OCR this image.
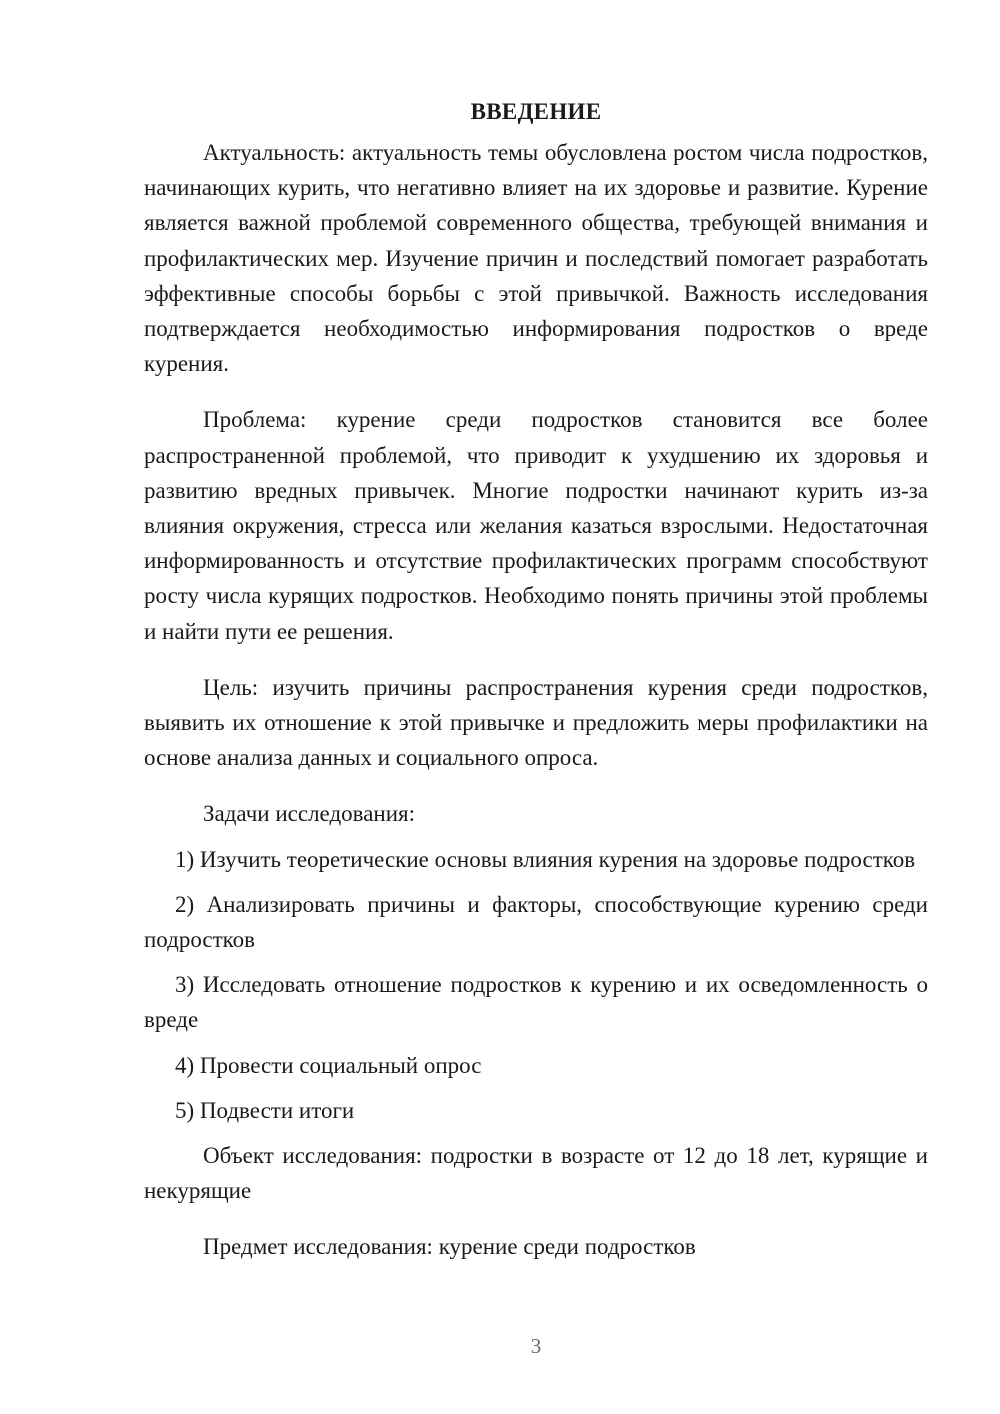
ВВЕДЕНИЕ

Актуальность: актуальность темы обусловлена ростом числа подростков, начинающих курить, что негативно влияет на их здоровье и развитие. Курение является важной проблемой современного общества, требующей внимания и профилактических мер. Изучение причин и последствий помогает разработать эффективные способы борьбы с этой привычкой. Важность исследования подтверждается необходимостью информирования подростков о вреде курения.

Проблема: курение среди подростков становится все более распространенной проблемой, что приводит к ухудшению их здоровья и развитию вредных привычек. Многие подростки начинают курить из-за влияния окружения, стресса или желания казаться взрослыми. Недостаточная информированность и отсутствие профилактических программ способствуют росту числа курящих подростков. Необходимо понять причины этой проблемы и найти пути ее решения.

Цель: изучить причины распространения курения среди подростков, выявить их отношение к этой привычке и предложить меры профилактики на основе анализа данных и социального опроса.

Задачи исследования:

1) Изучить теоретические основы влияния курения на здоровье подростков

2) Анализировать причины и факторы, способствующие курению среди подростков

3) Исследовать отношение подростков к курению и их осведомленность о вреде

4) Провести социальный опрос

5) Подвести итоги

Объект исследования: подростки в возрасте от 12 до 18 лет, курящие и некурящие

Предмет исследования: курение среди подростков

3
